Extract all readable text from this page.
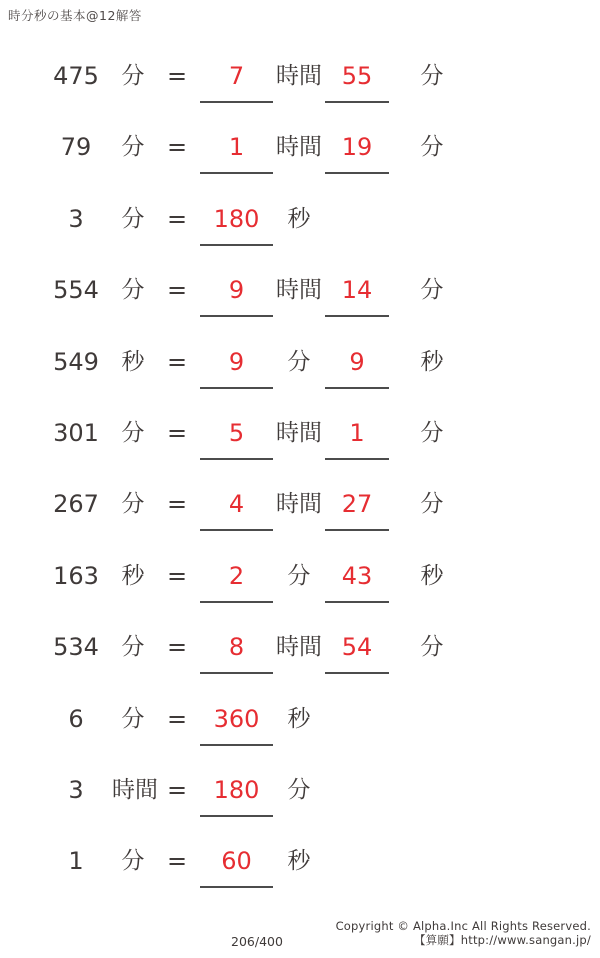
時分秒の基本@12解答
475 分 =	7	時間 55	分
79	分 =	1	時間 19	分
3	分 =	180	秒
554 分 =	9	時間 14	分
549 秒 =	9	分	9	秒
301 分 =	5	時間	1	分
267 分 =	4	時間 27	分
163 秒 =	2	分	43	秒
534 分 =	8	時間 54	分
6	分 =	360	秒
3	時間 =	180	分
1	分 =	60	秒
206/400
Copyright © Alpha.Inc All Rights Reserved.
【算願】http://www.sangan.jp/
